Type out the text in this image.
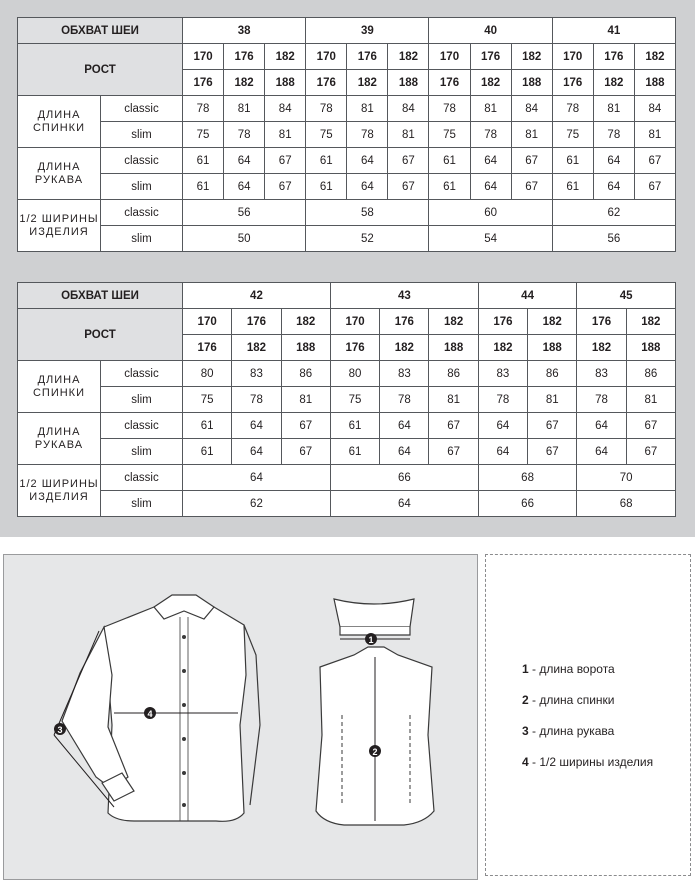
ОБХВАТ ШЕИ		38			39			40			41		
РОСТ		170	176	182	170	176	182	170	176	182	170	176	182
		176	182	188	176	182	188	176	182	188	176	182	188
ДЛИНА
СПИНКИ	classic	78	81	84	78	81	84	78	81	84	78	81	84
	slim	75	78	81	75	78	81	75	78	81	75	78	81
ДЛИНА
РУКАВА	classic	61	64	67	61	64	67	61	64	67	61	64	67
	slim	61	64	67	61	64	67	61	64	67	61	64	67
1/2 ШИРИНЫ
ИЗДЕЛИЯ	classic	56			58			60			62		
	slim	50			52			54			56		
ОБХВАТ ШЕИ		42			43			44		45	
РОСТ		170	176	182	170	176	182	176	182	176	182
		176	182	188	176	182	188	182	188	182	188
ДЛИНА
СПИНКИ	classic	80	83	86	80	83	86	83	86	83	86
	slim	75	78	81	75	78	81	78	81	78	81
ДЛИНА
РУКАВА	classic	61	64	67	61	64	67	64	67	64	67
	slim	61	64	67	61	64	67	64	67	64	67
1/2 ШИРИНЫ
ИЗДЕЛИЯ	classic	64			66			68		70	
	slim	62			64			66		68	
1
2
3
4
1 - длина ворота
2 - длина спинки
3 - длина рукава
4 - 1/2 ширины изделия
